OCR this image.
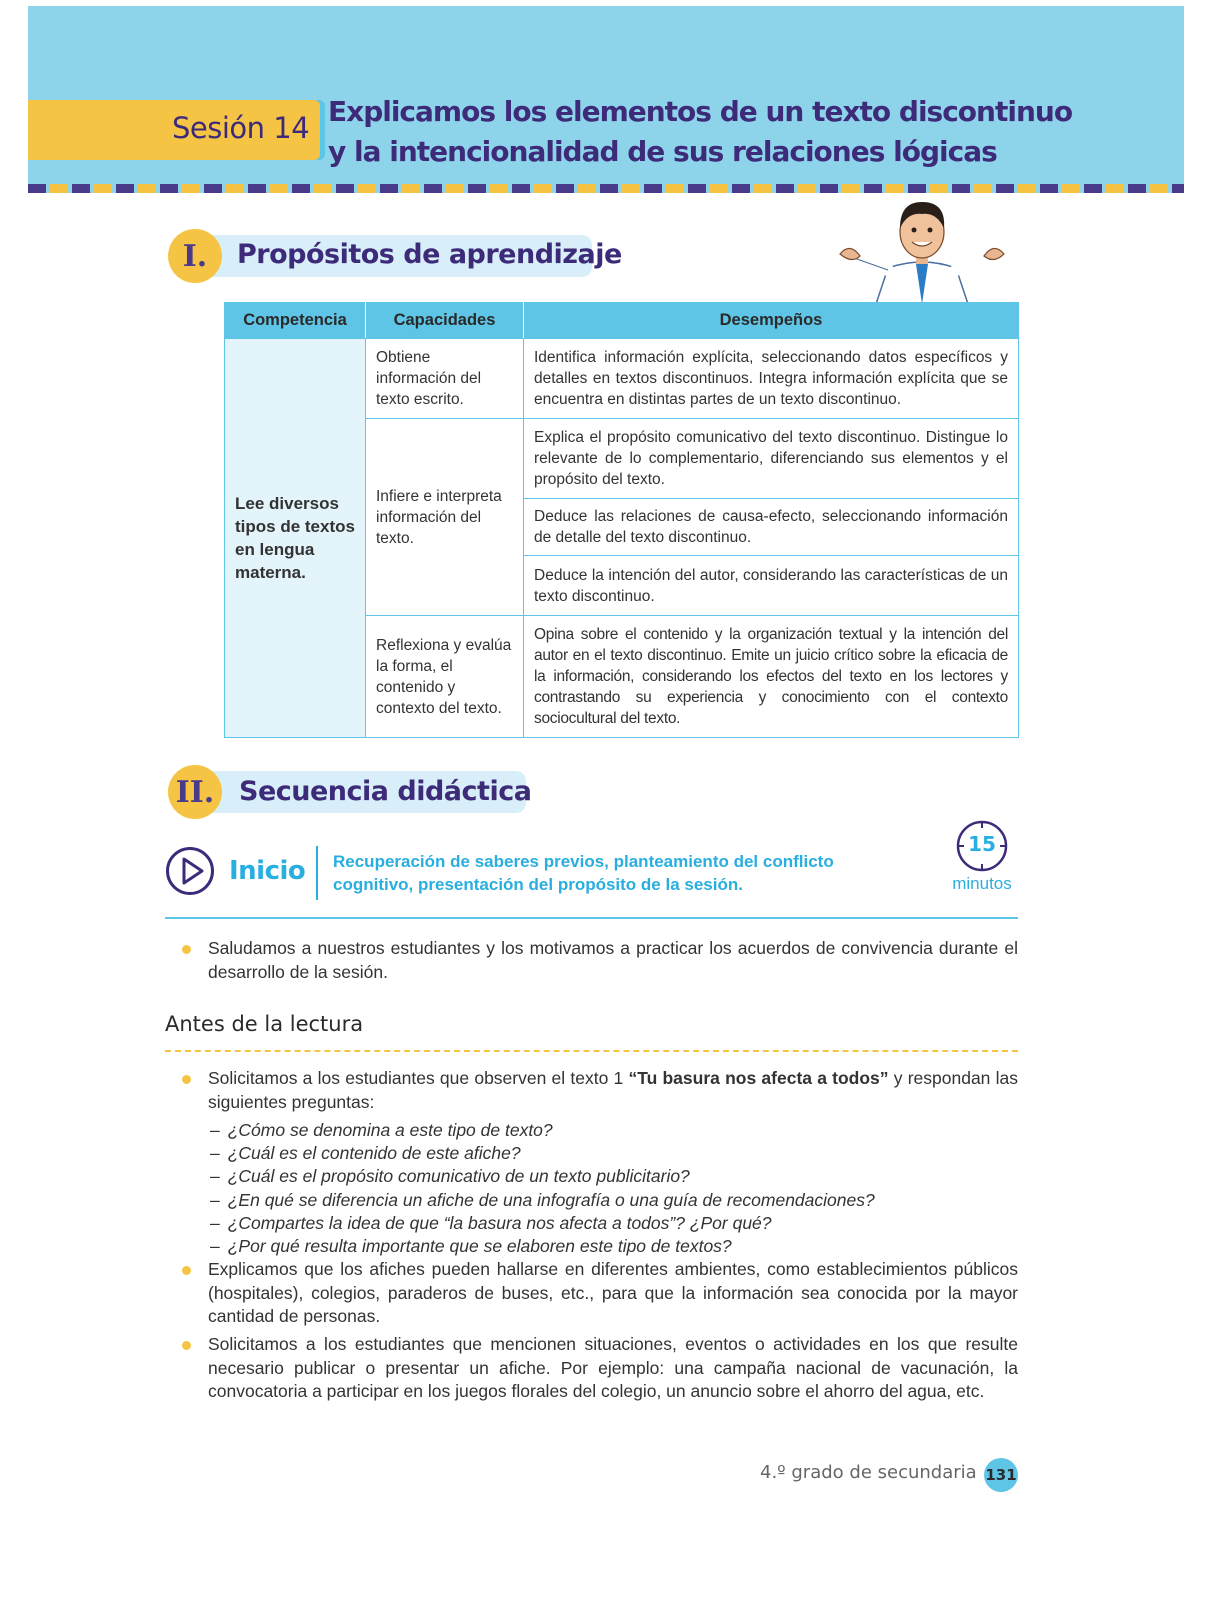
Sesión 14 Explicamos los elementos de un texto discontinuo
y la intencionalidad de sus relaciones lógicas
I.	Propósitos de aprendizaje
Competencia	Capacidades	Desempeños
Lee diversos tipos de textos en lengua materna.	Obtiene información del texto escrito.	Identifica información explícita, seleccionando datos específicos y detalles en textos discontinuos. Integra información explícita que se encuentra en distintas partes de un texto discontinuo.
	Infiere e interpreta información del texto.	Explica el propósito comunicativo del texto discontinuo. Distingue lo relevante de lo complementario, diferenciando sus elementos y el propósito del texto.
		Deduce las relaciones de causa-efecto, seleccionando información de detalle del texto discontinuo.
		Deduce la intención del autor, considerando las características de un texto discontinuo.
	Reflexiona y evalúa la forma, el contenido y contexto del texto.	Opina sobre el contenido y la organización textual y la intención del autor en el texto discontinuo. Emite un juicio crítico sobre la eficacia de la información, considerando los efectos del texto en los lectores y contrastando su experiencia y conocimiento con el contexto sociocultural del texto.
II. Secuencia didáctica
Inicio Recuperación de saberes previos, planteamiento del conflicto
cognitivo, presentación del propósito de la sesión.
15
minutos
Saludamos a nuestros estudiantes y los motivamos a practicar los acuerdos de convivencia durante el desarrollo de la sesión.
Antes de la lectura
Solicitamos a los estudiantes que observen el texto 1 “Tu basura nos afecta a todos” y respondan las siguientes preguntas:
– ¿Cómo se denomina a este tipo de texto?
– ¿Cuál es el contenido de este afiche?
– ¿Cuál es el propósito comunicativo de un texto publicitario?
– ¿En qué se diferencia un afiche de una infografía o una guía de recomendaciones?
– ¿Compartes la idea de que “la basura nos afecta a todos”? ¿Por qué?
– ¿Por qué resulta importante que se elaboren este tipo de textos?
Explicamos que los afiches pueden hallarse en diferentes ambientes, como establecimientos públicos (hospitales), colegios, paraderos de buses, etc., para que la información sea conocida por la mayor cantidad de personas.
Solicitamos a los estudiantes que mencionen situaciones, eventos o actividades en los que resulte necesario publicar o presentar un afiche. Por ejemplo: una campaña nacional de vacunación, la convocatoria a participar en los juegos florales del colegio, un anuncio sobre el ahorro del agua, etc.
4.º grado de secundaria 131
